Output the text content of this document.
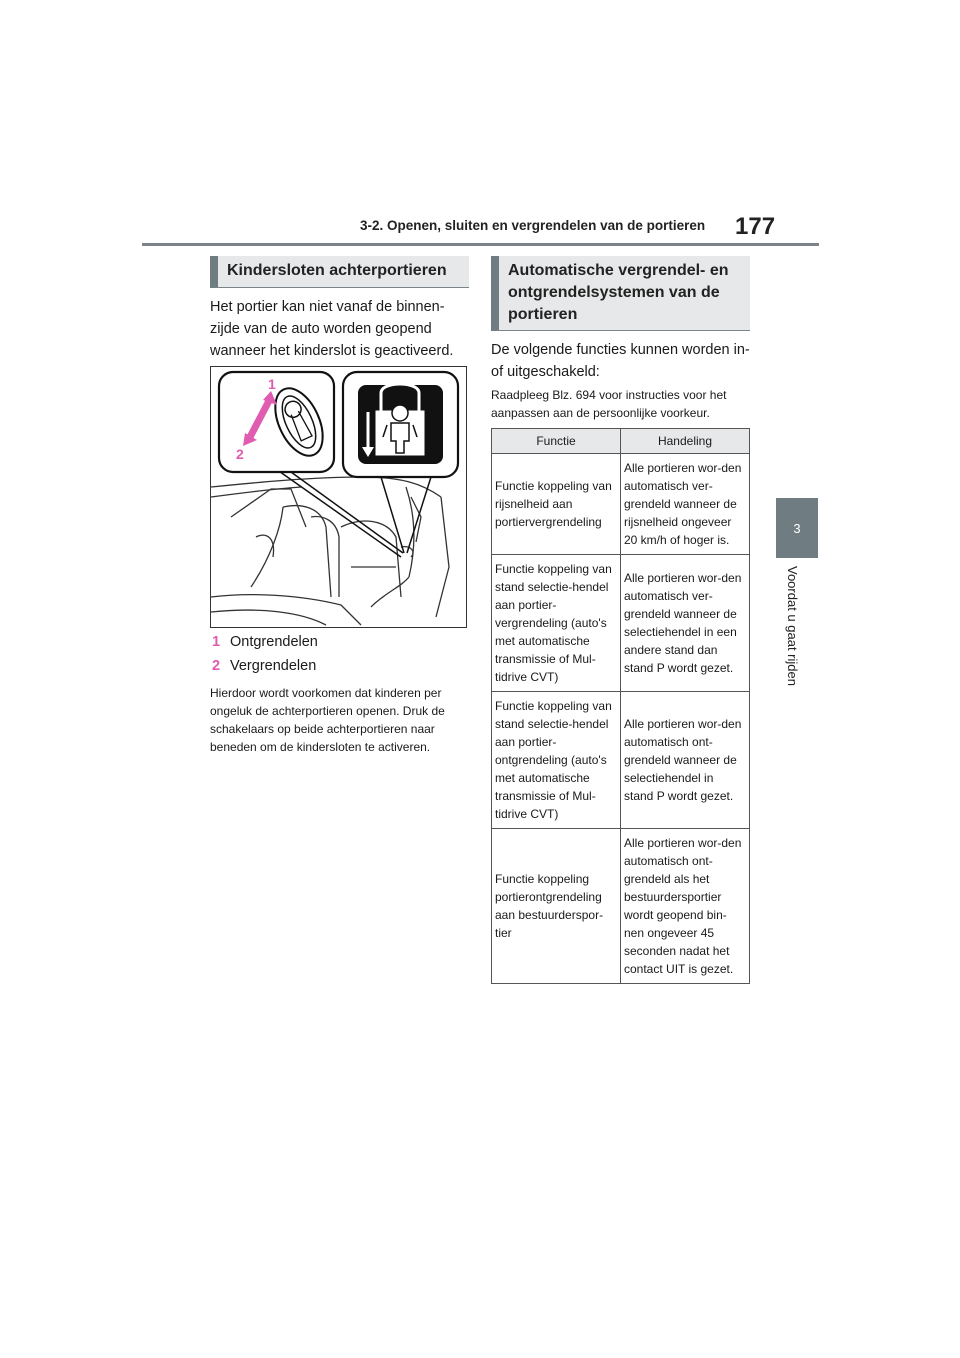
3-2. Openen, sluiten en vergrendelen van de portieren 177
3
Voordat u gaat rijden
Kindersloten achterportieren
Het portier kan niet vanaf de binnen-zijde van de auto worden geopend wanneer het kinderslot is geactiveerd.
1
2
1 Ontgrendelen
2 Vergrendelen
Hierdoor wordt voorkomen dat kinderen per ongeluk de achterportieren openen. Druk de schakelaars op beide achterportieren naar beneden om de kindersloten te activeren.
Automatische vergrendel- en ontgrendelsystemen van de portieren
De volgende functies kunnen worden in- of uitgeschakeld:
Raadpleeg Blz. 694 voor instructies voor het aanpassen aan de persoonlijke voorkeur.
Functie	Handeling
Functie koppeling van rijsnelheid aan portiervergrendeling	Alle portieren wor-den automatisch ver-grendeld wanneer de rijsnelheid ongeveer 20 km/h of hoger is.
Functie koppeling van stand selectie-hendel aan portier-vergrendeling (auto's met automatische transmissie of Mul-tidrive CVT)	Alle portieren wor-den automatisch ver-grendeld wanneer de selectiehendel in een andere stand dan stand P wordt gezet.
Functie koppeling van stand selectie-hendel aan portier-ontgrendeling (auto's met automatische transmissie of Mul-tidrive CVT)	Alle portieren wor-den automatisch ont-grendeld wanneer de selectiehendel in stand P wordt gezet.
Functie koppeling portierontgrendeling aan bestuurderspor-tier	Alle portieren wor-den automatisch ont-grendeld als het bestuurdersportier wordt geopend bin-nen ongeveer 45 seconden nadat het contact UIT is gezet.
